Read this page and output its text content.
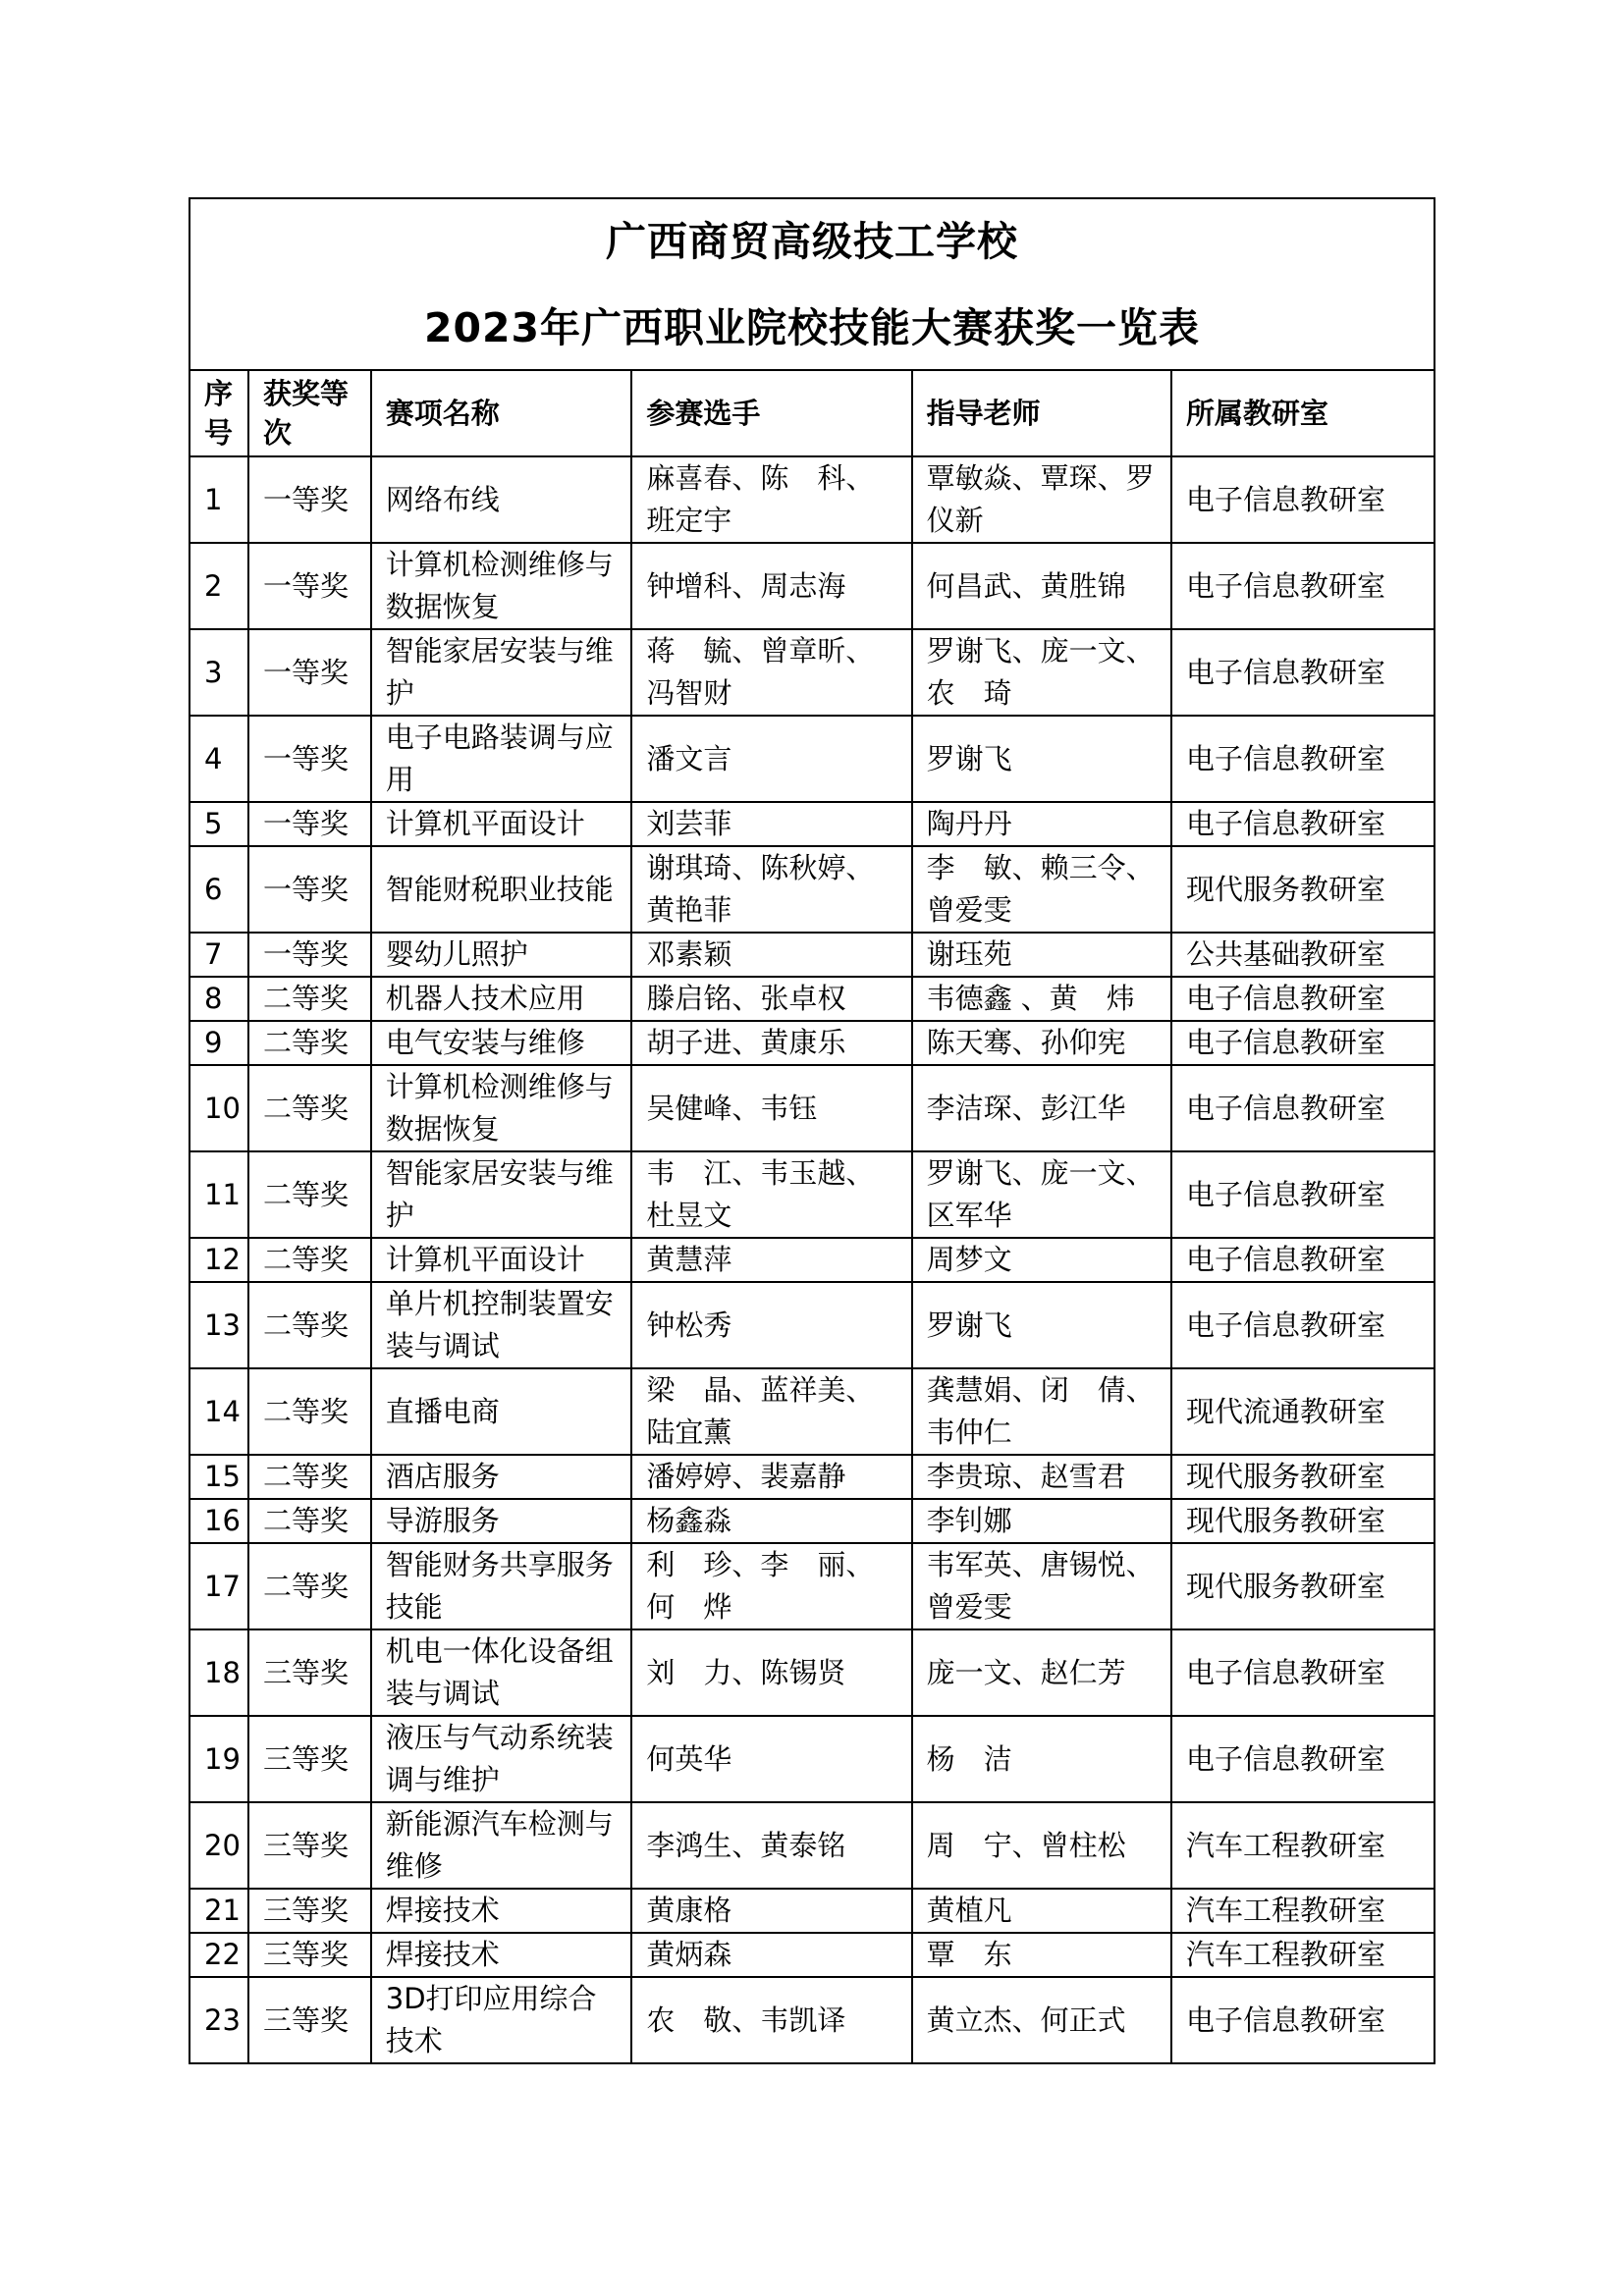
广西商贸高级技工学校
2023年广西职业院校技能大赛获奖一览表					

序号	获奖等次	赛项名称	参赛选手	指导老师	所属教研室
1	一等奖	网络布线	麻喜春、陈　科、班定宇	覃敏焱、覃琛、罗仪新	电子信息教研室
2	一等奖	计算机检测维修与数据恢复	钟增科、周志海	何昌武、黄胜锦	电子信息教研室
3	一等奖	智能家居安装与维护	蒋　毓、曾章昕、冯智财	罗谢飞、庞一文、农　琦	电子信息教研室
4	一等奖	电子电路装调与应用	潘文言	罗谢飞	电子信息教研室
5	一等奖	计算机平面设计	刘芸菲	陶丹丹	电子信息教研室
6	一等奖	智能财税职业技能	谢琪琦、陈秋婷、黄艳菲	李　敏、赖三令、曾爱雯	现代服务教研室
7	一等奖	婴幼儿照护	邓素颖	谢珏苑	公共基础教研室
8	二等奖	机器人技术应用	滕启铭、张卓权	韦德鑫 、黄　炜	电子信息教研室
9	二等奖	电气安装与维修	胡子进、黄康乐	陈天骞、孙仰宪	电子信息教研室
10	二等奖	计算机检测维修与数据恢复	吴健峰、韦钰	李洁琛、彭江华	电子信息教研室
11	二等奖	智能家居安装与维护	韦　江、韦玉越、杜昱文	罗谢飞、庞一文、区军华	电子信息教研室
12	二等奖	计算机平面设计	黄慧萍	周梦文	电子信息教研室
13	二等奖	单片机控制装置安装与调试	钟松秀	罗谢飞	电子信息教研室
14	二等奖	直播电商	梁　晶、蓝祥美、陆宜薰	龚慧娟、闭　倩、韦仲仁	现代流通教研室
15	二等奖	酒店服务	潘婷婷、裴嘉静	李贵琼、赵雪君	现代服务教研室
16	二等奖	导游服务	杨鑫淼	李钊娜	现代服务教研室
17	二等奖	智能财务共享服务技能	利　珍、李　丽、何　烨	韦军英、唐锡悦、曾爱雯	现代服务教研室
18	三等奖	机电一体化设备组装与调试	刘　力、陈锡贤	庞一文、赵仁芳	电子信息教研室
19	三等奖	液压与气动系统装调与维护	何英华	杨　洁	电子信息教研室
20	三等奖	新能源汽车检测与维修	李鸿生、黄泰铭	周　宁、曾柱松	汽车工程教研室
21	三等奖	焊接技术	黄康格	黄植凡	汽车工程教研室
22	三等奖	焊接技术	黄炳森	覃　东	汽车工程教研室
23	三等奖	3D打印应用综合技术	农　敬、韦凯译	黄立杰、何正式	电子信息教研室
